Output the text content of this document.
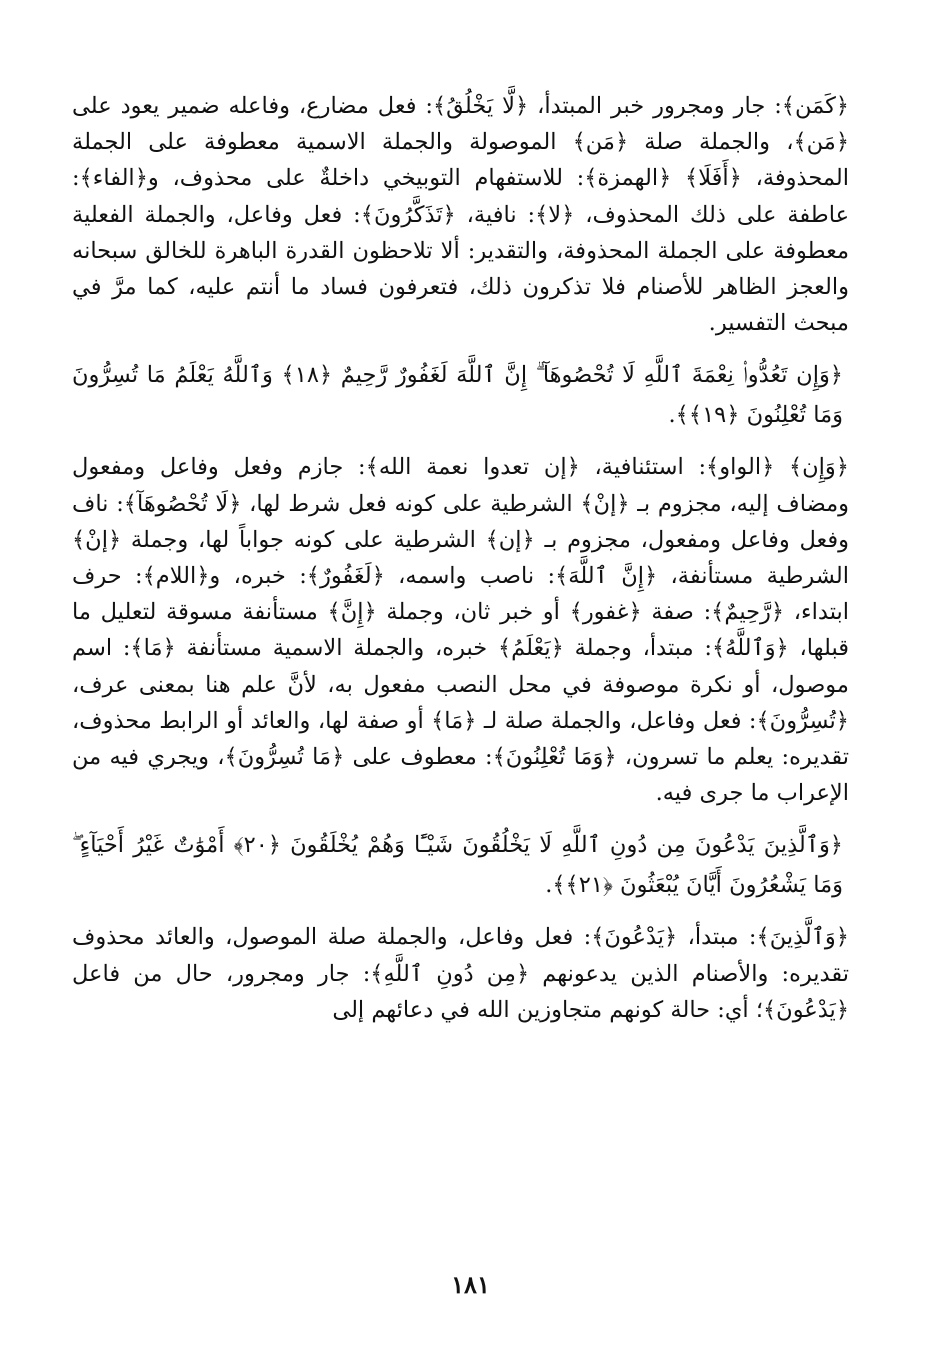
﴿كَمَن﴾: جار ومجرور خبر المبتدأ، ﴿لَّا يَخْلُقُ﴾: فعل مضارع، وفاعله ضمير يعود على ﴿مَن﴾، والجملة صلة ﴿مَن﴾ الموصولة والجملة الاسمية معطوفة على الجملة المحذوفة، ﴿أَفَلَا﴾ ﴿الهمزة﴾: للاستفهام التوبيخي داخلةٌ على محذوف، و﴿الفاء﴾: عاطفة على ذلك المحذوف، ﴿لا﴾: نافية، ﴿تَذَكَّرُونَ﴾: فعل وفاعل، والجملة الفعلية معطوفة على الجملة المحذوفة، والتقدير: ألا تلاحظون القدرة الباهرة للخالق سبحانه والعجز الظاهر للأصنام فلا تذكرون ذلك، فتعرفون فساد ما أنتم عليه، كما مرَّ في مبحث التفسير.

﴿وَإِن تَعُدُّوا۟ نِعْمَةَ ٱللَّهِ لَا تُحْصُوهَآ ۗ إِنَّ ٱللَّهَ لَغَفُورٌ رَّحِيمٌ ﴿١٨﴾ وَٱللَّهُ يَعْلَمُ مَا تُسِرُّونَ وَمَا تُعْلِنُونَ ﴿١٩﴾﴾.

﴿وَإِن﴾ ﴿الواو﴾: استئنافية، ﴿إن تعدوا نعمة الله﴾: جازم وفعل وفاعل ومفعول ومضاف إليه، مجزوم بـ ﴿إنْ﴾ الشرطية على كونه فعل شرط لها، ﴿لَا تُحْصُوهَآ﴾: ناف وفعل وفاعل ومفعول، مجزوم بـ ﴿إن﴾ الشرطية على كونه جواباً لها، وجملة ﴿إنْ﴾ الشرطية مستأنفة، ﴿إِنَّ ٱللَّهَ﴾: ناصب واسمه، ﴿لَغَفُورٌ﴾: خبره، و﴿اللام﴾: حرف ابتداء، ﴿رَّحِيمٌ﴾: صفة ﴿غفور﴾ أو خبر ثان، وجملة ﴿إِنَّ﴾ مستأنفة مسوقة لتعليل ما قبلها، ﴿وَٱللَّهُ﴾: مبتدأ، وجملة ﴿يَعْلَمُ﴾ خبره، والجملة الاسمية مستأنفة ﴿مَا﴾: اسم موصول، أو نكرة موصوفة في محل النصب مفعول به، لأنَّ علم هنا بمعنى عرف، ﴿تُسِرُّونَ﴾: فعل وفاعل، والجملة صلة لـ ﴿مَا﴾ أو صفة لها، والعائد أو الرابط محذوف، تقديره: يعلم ما تسرون، ﴿وَمَا تُعْلِنُونَ﴾: معطوف على ﴿مَا تُسِرُّونَ﴾، ويجري فيه من الإعراب ما جرى فيه.

﴿وَٱلَّذِينَ يَدْعُونَ مِن دُونِ ٱللَّهِ لَا يَخْلُقُونَ شَيْـًٔا وَهُمْ يُخْلَقُونَ ﴿٢٠﴾ أَمْوَٰتٌ غَيْرُ أَحْيَآءٍ ۖ وَمَا يَشْعُرُونَ أَيَّانَ يُبْعَثُونَ ﴿٢١﴾﴾.

﴿وَٱلَّذِينَ﴾: مبتدأ، ﴿يَدْعُونَ﴾: فعل وفاعل، والجملة صلة الموصول، والعائد محذوف تقديره: والأصنام الذين يدعونهم ﴿مِن دُونِ ٱللَّهِ﴾: جار ومجرور، حال من فاعل ﴿يَدْعُونَ﴾؛ أي: حالة كونهم متجاوزين الله في دعائهم إلى

١٨١
